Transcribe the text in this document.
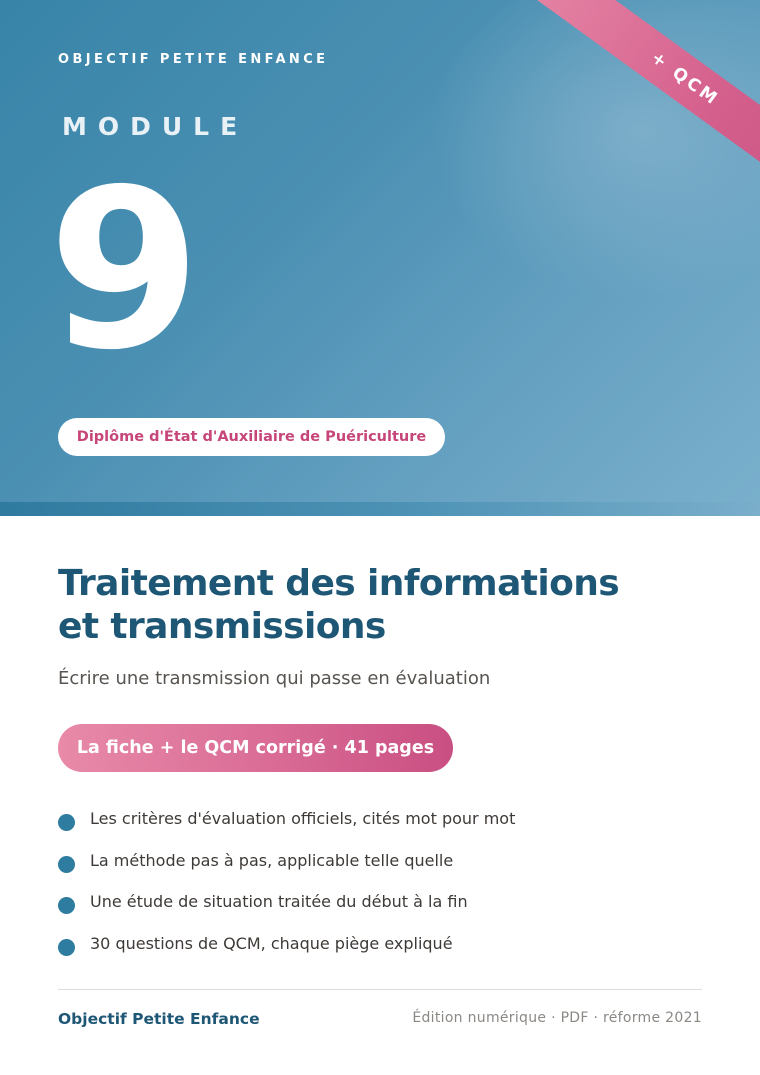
OBJECTIF PETITE ENFANCE
MODULE
9
Diplôme d'État d'Auxiliaire de Puériculture
+ QCM
Traitement des informations
et transmissions
Écrire une transmission qui passe en évaluation
La fiche + le QCM corrigé · 41 pages
Les critères d'évaluation officiels, cités mot pour mot
La méthode pas à pas, applicable telle quelle
Une étude de situation traitée du début à la fin
30 questions de QCM, chaque piège expliqué
Objectif Petite Enfance	Édition numérique · PDF · réforme 2021
